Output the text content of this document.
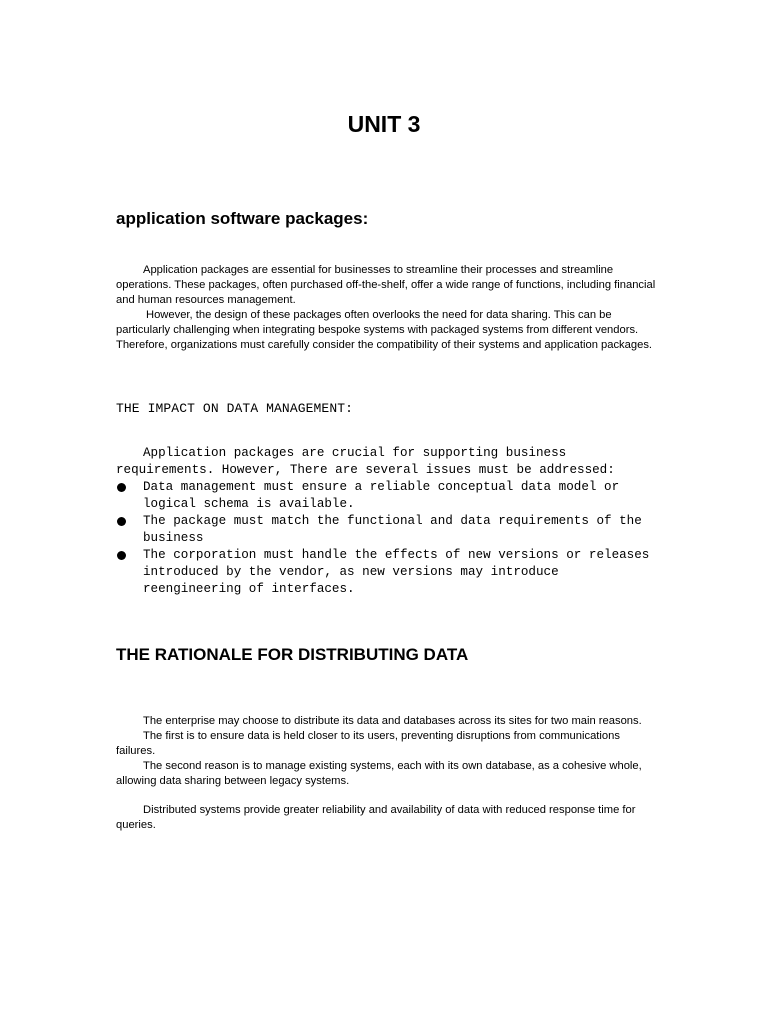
UNIT 3
application software packages:

Application packages are essential for businesses to streamline their processes and streamline operations. These packages, often purchased off-the-shelf, offer a wide range of functions, including financial and human resources management.

However, the design of these packages often overlooks the need for data sharing. This can be particularly challenging when integrating bespoke systems with packaged systems from different vendors. Therefore, organizations must carefully consider the compatibility of their systems and application packages.

THE IMPACT ON DATA MANAGEMENT:

Application packages are crucial for supporting business requirements. However, There are several issues must be addressed:

Data management must ensure a reliable conceptual data model or logical schema is available.
The package must match the functional and data requirements of the business
The corporation must handle the effects of new versions or releases introduced by the vendor, as new versions may introduce reengineering of interfaces.
THE RATIONALE FOR DISTRIBUTING DATA

The enterprise may choose to distribute its data and databases across its sites for two main reasons.

The first is to ensure data is held closer to its users, preventing disruptions from communications failures.

The second reason is to manage existing systems, each with its own database, as a cohesive whole, allowing data sharing between legacy systems.

Distributed systems provide greater reliability and availability of data with reduced response time for queries.
